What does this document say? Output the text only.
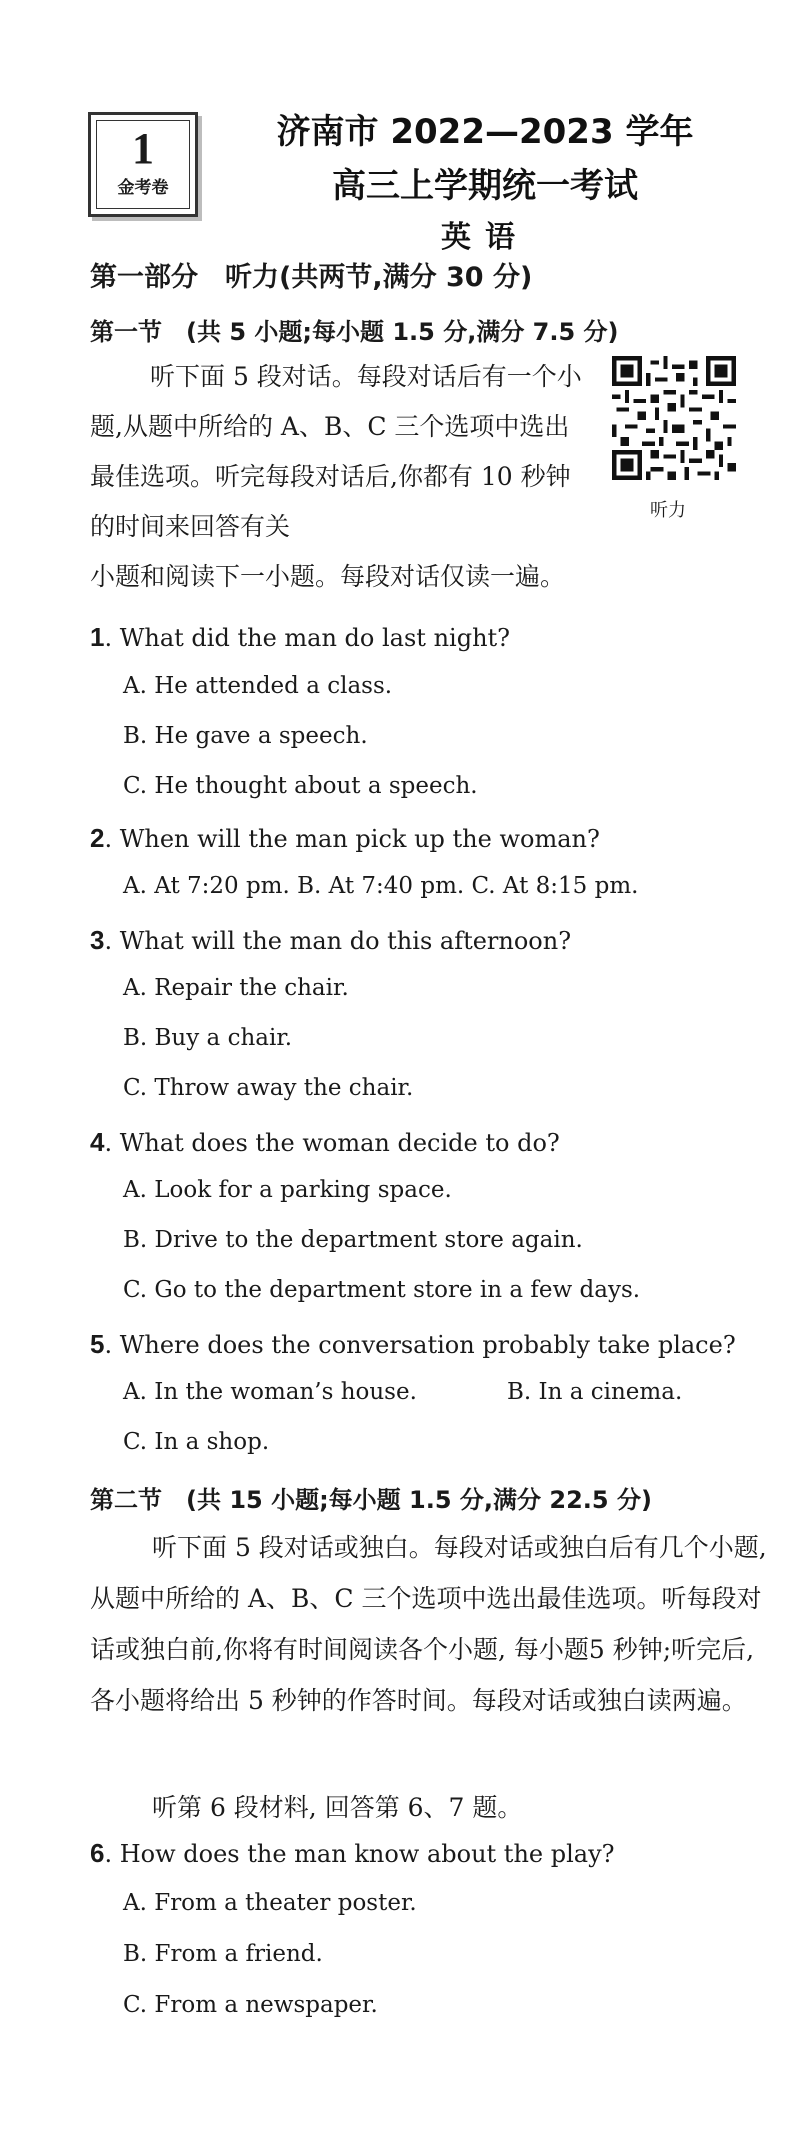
1
金考卷
济南市 2022—2023 学年
高三上学期统一考试
英语
第一部分　听力(共两节,满分 30 分)
第一节　(共 5 小题;每小题 1.5 分,满分 7.5 分)
听下面 5 段对话。每段对话后有一个小题,从题中所给的 A、B、C 三个选项中选出最佳选项。听完每段对话后,你都有 10 秒钟的时间来回答有关
小题和阅读下一小题。每段对话仅读一遍。
听力
1. What did the man do last night?
A. He attended a class.
B. He gave a speech.
C. He thought about a speech.
2. When will the man pick up the woman?
A. At 7:20 pm. B. At 7:40 pm. C. At 8:15 pm.
3. What will the man do this afternoon?
A. Repair the chair.
B. Buy a chair.
C. Throw away the chair.
4. What does the woman decide to do?
A. Look for a parking space.
B. Drive to the department store again.
C. Go to the department store in a few days.
5. Where does the conversation probably take place?
A. In the woman’s house.	B. In a cinema.
C. In a shop.
第二节　(共 15 小题;每小题 1.5 分,满分 22.5 分)
听下面 5 段对话或独白。每段对话或独白后有几个小题, 从题中所给的 A、B、C 三个选项中选出最佳选项。听每段对话或独白前,你将有时间阅读各个小题, 每小题5 秒钟;听完后,各小题将给出 5 秒钟的作答时间。每段对话或独白读两遍。
听第 6 段材料, 回答第 6、7 题。
6. How does the man know about the play?
A. From a theater poster.
B. From a friend.
C. From a newspaper.
